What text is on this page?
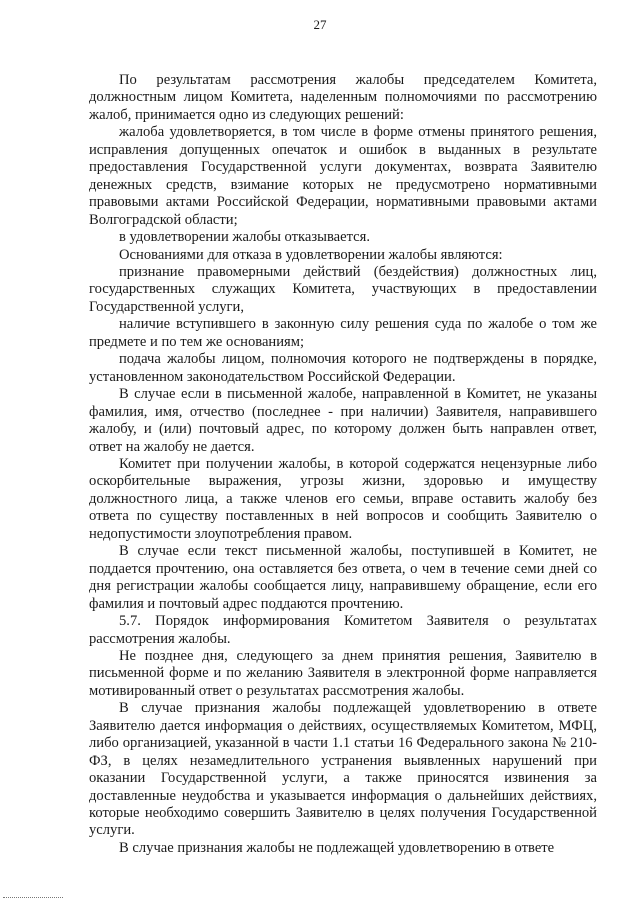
27

По результатам рассмотрения жалобы председателем Комитета, должностным лицом Комитета, наделенным полномочиями по рассмотрению жалоб, принимается одно из следующих решений:

жалоба удовлетворяется, в том числе в форме отмены принятого решения, исправления допущенных опечаток и ошибок в выданных в результате предоставления Государственной услуги документах, возврата Заявителю денежных средств, взимание которых не предусмотрено нормативными правовыми актами Российской Федерации, нормативными правовыми актами Волгоградской области;

в удовлетворении жалобы отказывается.

Основаниями для отказа в удовлетворении жалобы являются:

признание правомерными действий (бездействия) должностных лиц, государственных служащих Комитета, участвующих в предоставлении Государственной услуги,

наличие вступившего в законную силу решения суда по жалобе о том же предмете и по тем же основаниям;

подача жалобы лицом, полномочия которого не подтверждены в порядке, установленном законодательством Российской Федерации.

В случае если в письменной жалобе, направленной в Комитет, не указаны фамилия, имя, отчество (последнее - при наличии) Заявителя, направившего жалобу, и (или) почтовый адрес, по которому должен быть направлен ответ, ответ на жалобу не дается.

Комитет при получении жалобы, в которой содержатся нецензурные либо оскорбительные выражения, угрозы жизни, здоровью и имуществу должностного лица, а также членов его семьи, вправе оставить жалобу без ответа по существу поставленных в ней вопросов и сообщить Заявителю о недопустимости злоупотребления правом.

В случае если текст письменной жалобы, поступившей в Комитет, не поддается прочтению, она оставляется без ответа, о чем в течение семи дней со дня регистрации жалобы сообщается лицу, направившему обращение, если его фамилия и почтовый адрес поддаются прочтению.

5.7. Порядок информирования Комитетом Заявителя о результатах рассмотрения жалобы.

Не позднее дня, следующего за днем принятия решения, Заявителю в письменной форме и по желанию Заявителя в электронной форме направляется мотивированный ответ о результатах рассмотрения жалобы.

В случае признания жалобы подлежащей удовлетворению в ответе Заявителю дается информация о действиях, осуществляемых Комитетом, МФЦ, либо организацией, указанной в части 1.1 статьи 16 Федерального закона № 210-ФЗ, в целях незамедлительного устранения выявленных нарушений при оказании Государственной услуги, а также приносятся извинения за доставленные неудобства и указывается информация о дальнейших действиях, которые необходимо совершить Заявителю в целях получения Государственной услуги.

В случае признания жалобы не подлежащей удовлетворению в ответе
